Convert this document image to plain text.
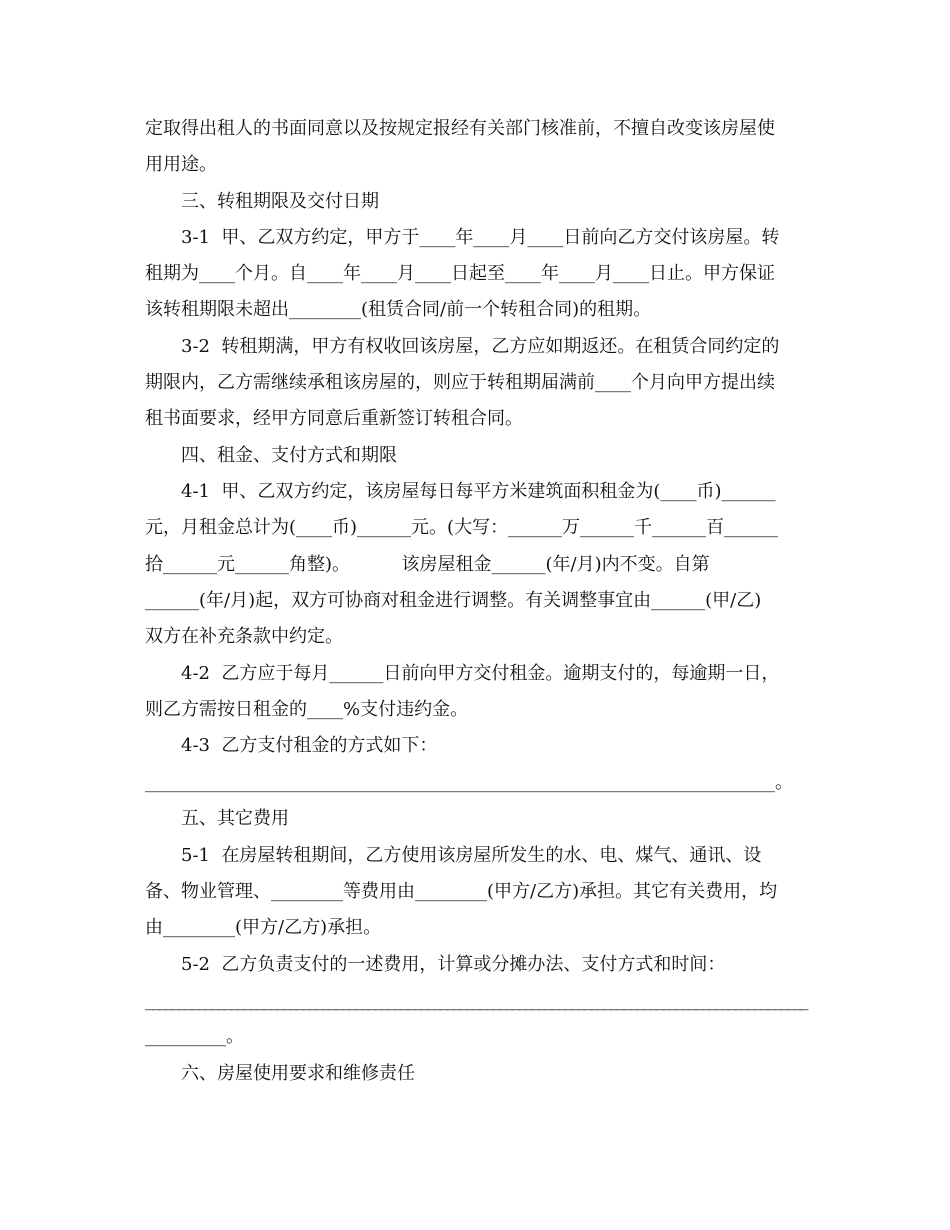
定取得出租人的书面同意以及按规定报经有关部门核准前，不擅自改变该房屋使

用用途。

三、转租期限及交付日期

3-1  甲、乙双方约定，甲方于____年____月____日前向乙方交付该房屋。转

租期为____个月。自____年____月____日起至____年____月____日止。甲方保证

该转租期限未超出________(租赁合同/前一个转租合同)的租期。

3-2  转租期满，甲方有权收回该房屋，乙方应如期返还。在租赁合同约定的

期限内，乙方需继续承租该房屋的，则应于转租期届满前____个月向甲方提出续

租书面要求，经甲方同意后重新签订转租合同。

四、租金、支付方式和期限

4-1  甲、乙双方约定，该房屋每日每平方米建筑面积租金为(____币)______

元，月租金总计为(____币)______元。(大写：______万______千______百______

拾______元______角整)。         该房屋租金______(年/月)内不变。自第

______(年/月)起，双方可协商对租金进行调整。有关调整事宜由______(甲/乙)

双方在补充条款中约定。

4-2  乙方应于每月______日前向甲方交付租金。逾期支付的，每逾期一日，

则乙方需按日租金的____%支付违约金。

4-3  乙方支付租金的方式如下：

______________________________________________________________________。

五、其它费用

5-1  在房屋转租期间，乙方使用该房屋所发生的水、电、煤气、通讯、设

备、物业管理、________等费用由________(甲方/乙方)承担。其它有关费用，均

由________(甲方/乙方)承担。

5-2  乙方负责支付的一述费用，计算或分摊办法、支付方式和时间：

_____________________________________________________________________________________________________

_________。

六、房屋使用要求和维修责任
